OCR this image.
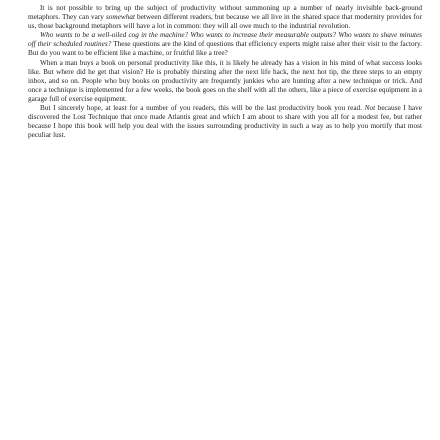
It is not possible to bring up the subject of productivity without summoning up a number of nearly invisible back-ground metaphors. They can vary somewhat between different readers, but because we all live in the shared space that modernity provides for us, those background metaphors will have a lot in common: they will all owe much to the industrial revolution.

Who wants to be a well-oiled cog in the machine? Who wants to increase their measurable outputs? Who wants to shave minutes off their scheduled routines? These questions are the kind of questions that efficiency experts might raise after their visit to the factory. But do you want to be efficient like a machine, or fruitful like a tree?

When a man buys a book on personal productivity like this, it is likely he already has a vision in his mind of what success looks like. But where did he get that vision? He is probably thirsting after the next life hack, the next hot tip, the three steps to an empty inbox, and so on. People who buy books on productivity are frequently junkies who are hunting after a new technique or trick. And once a technique is implemented for a few weeks, the book goes on the shelf with all the others, like a piece of exercise equipment in a garage full of exercise equipment.

But I sincerely hope, at least for a number of you readers, this will be the last productivity book you read. Not because I have discovered the Lost Technique that once made Atlantis great and which I am about to share with you all for a modest fee, but rather because I hope this book will help you deal with the issues surrounding productivity in such a way as to help you mortify that most peculiar lust.
